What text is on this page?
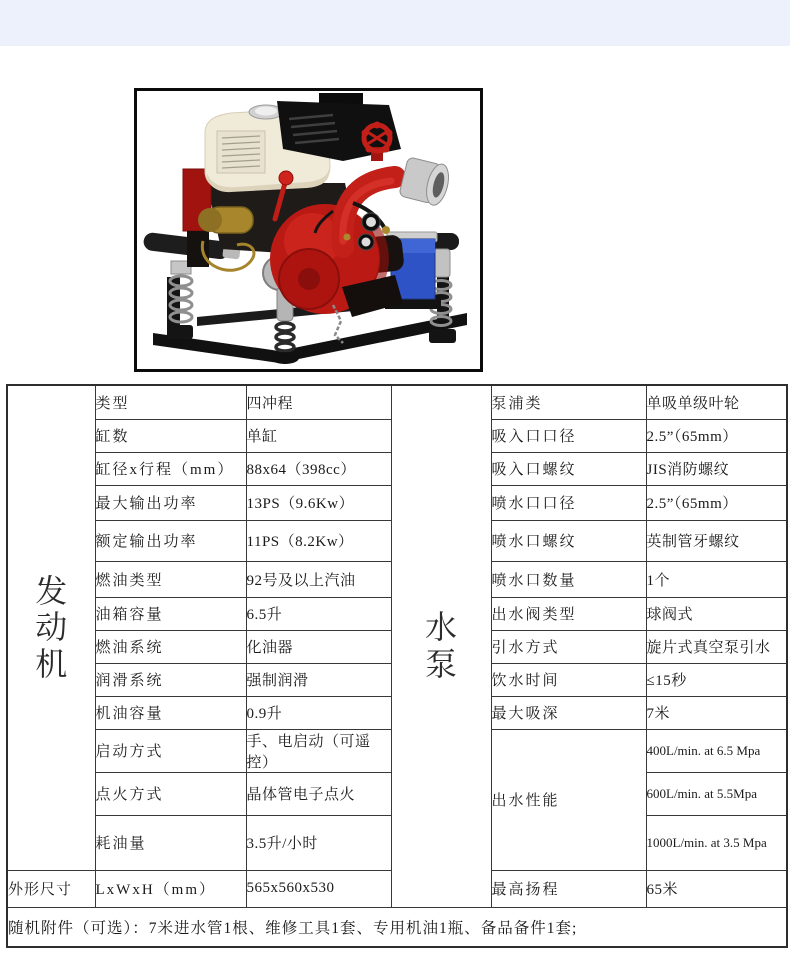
发动机	类型	四冲程	水泵	泵浦类	单吸单级叶轮
	缸数	单缸		吸入口口径	2.5”（65mm）
	缸径x行程（mm）	88x64（398cc）		吸入口螺纹	JIS消防螺纹
	最大输出功率	13PS（9.6Kw）		喷水口口径	2.5”（65mm）
	额定输出功率	11PS（8.2Kw）		喷水口螺纹	英制管牙螺纹
	燃油类型	92号及以上汽油		喷水口数量	1个
	油箱容量	6.5升		出水阀类型	球阀式
	燃油系统	化油器		引水方式	旋片式真空泵引水
	润滑系统	强制润滑		饮水时间	≤15秒
	机油容量	0.9升		最大吸深	7米
	启动方式	手、电启动（可遥控）		出水性能	400L/min. at 6.5 Mpa
	点火方式	晶体管电子点火			600L/min. at 5.5Mpa
	耗油量	3.5升/小时			1000L/min. at 3.5 Mpa
外形尺寸	LxWxH（mm）	565x560x530		最高扬程	65米
随机附件（可选）：7米进水管1根、维修工具1套、专用机油1瓶、备品备件1套;					
